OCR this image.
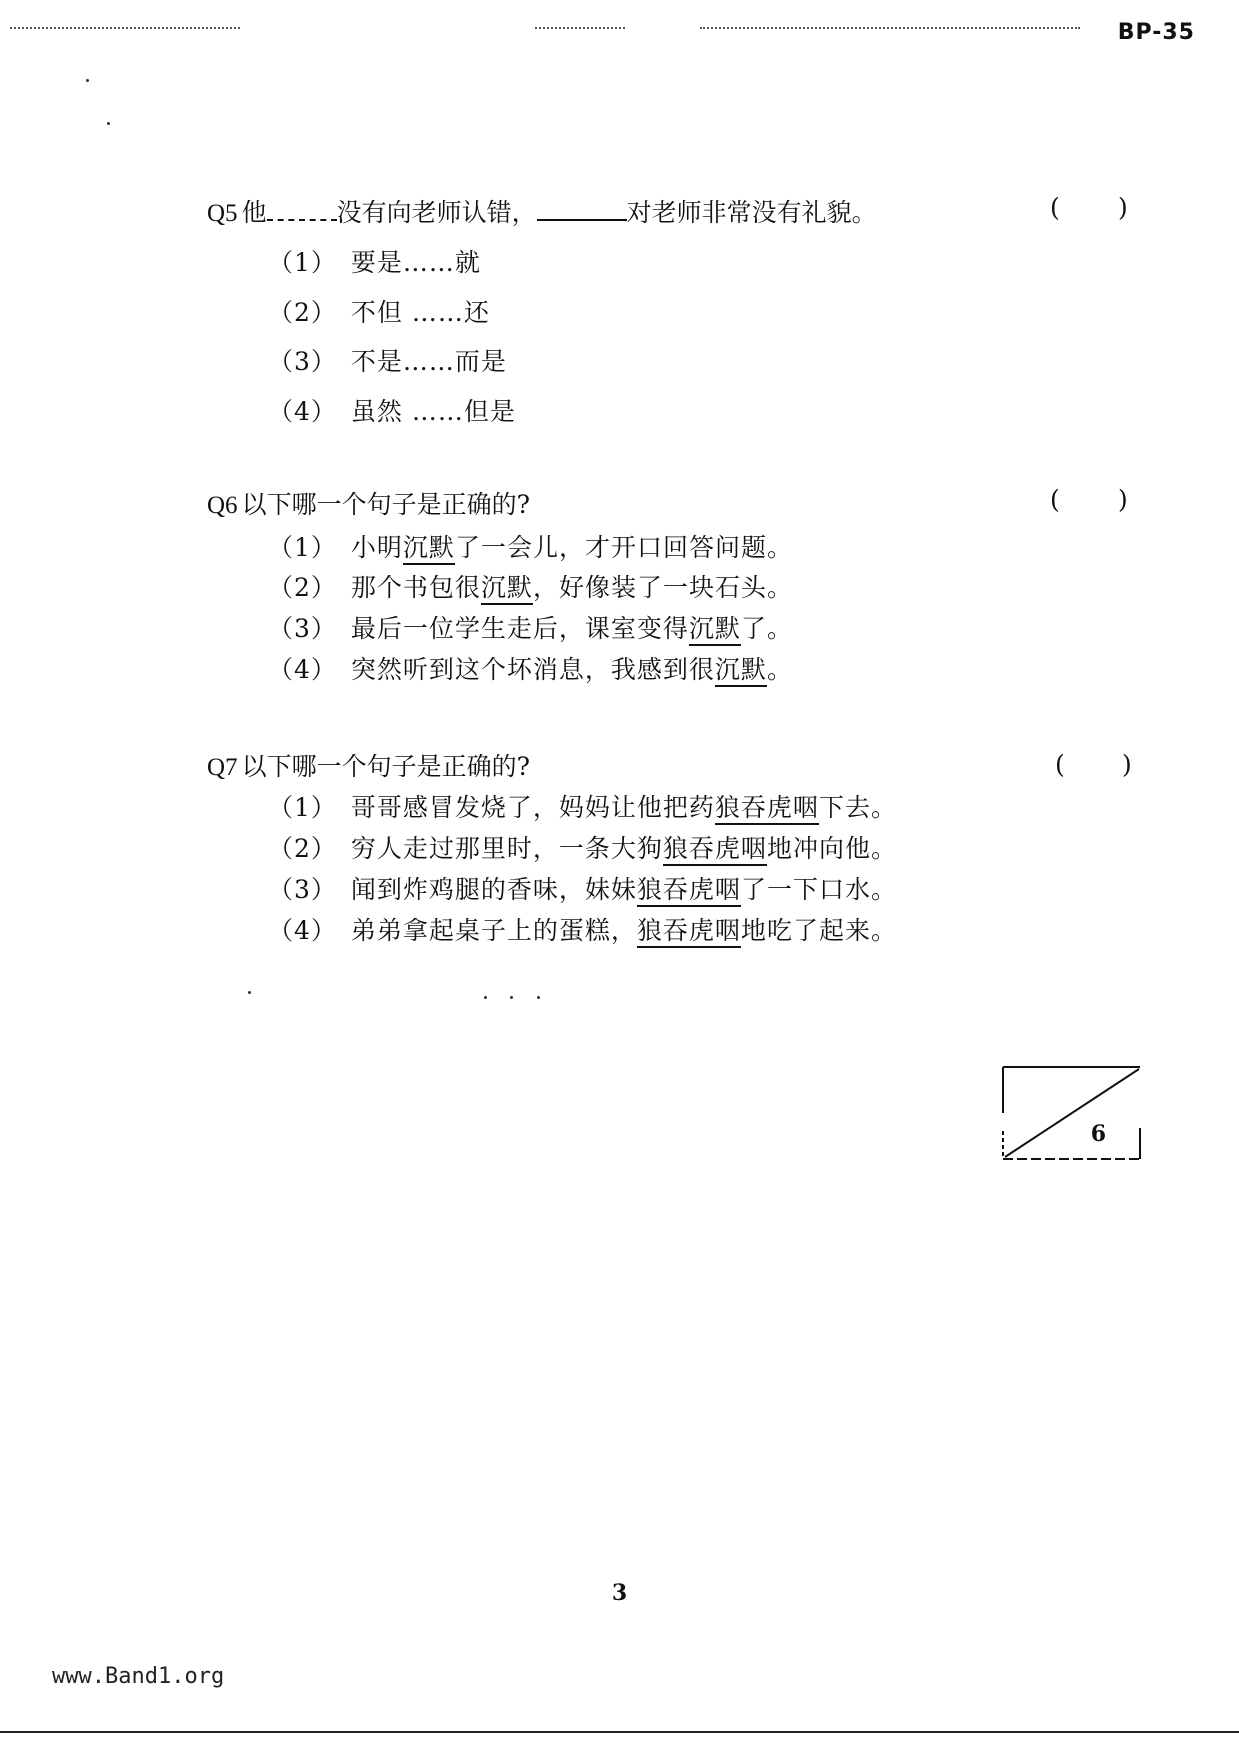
BP-35
Q5 他	没有向老师认错，	对老师非常没有礼貌。	( )
（1） 要是……就
（2） 不但 ……还
（3） 不是……而是
（4） 虽然 ……但是
Q6 以下哪一个句子是正确的?	( )
（1） 小明沉默了一会儿，才开口回答问题。
（2） 那个书包很沉默，好像装了一块石头。
（3） 最后一位学生走后，课室变得沉默了。
（4） 突然听到这个坏消息，我感到很沉默。
Q7 以下哪一个句子是正确的?	( )
（1） 哥哥感冒发烧了，妈妈让他把药狼吞虎咽下去。
（2） 穷人走过那里时，一条大狗狼吞虎咽地冲向他。
（3） 闻到炸鸡腿的香味，妹妹狼吞虎咽了一下口水。
（4） 弟弟拿起桌子上的蛋糕，狼吞虎咽地吃了起来。
6
3
www.Band1.org
